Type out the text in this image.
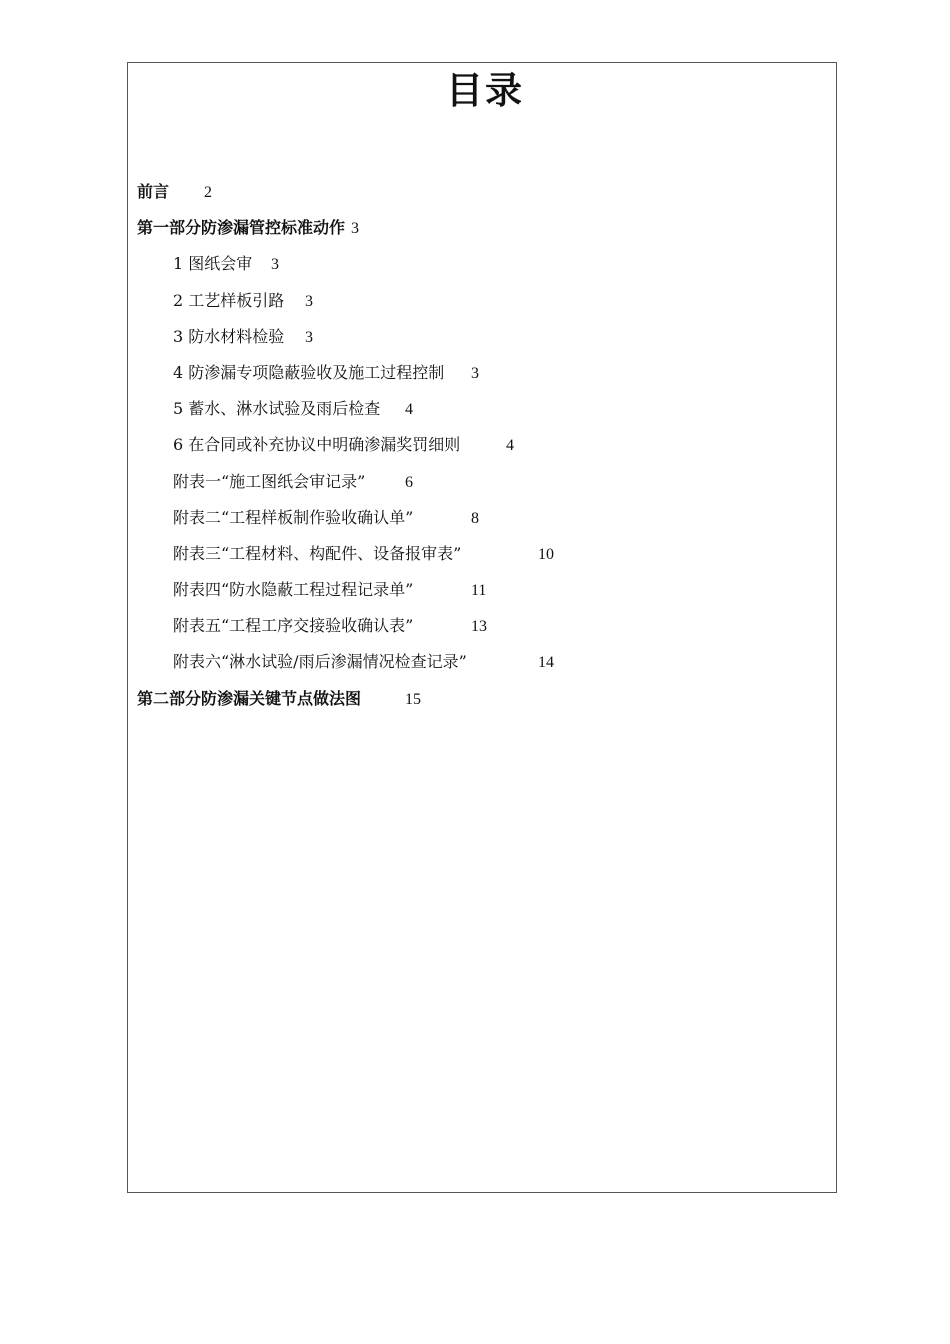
目录
前言 2
第一部分防渗漏管控标准动作 3
1 图纸会审 3
2 工艺样板引路 3
3 防水材料检验 3
4 防渗漏专项隐蔽验收及施工过程控制 3
5 蓄水、淋水试验及雨后检查 4
6 在合同或补充协议中明确渗漏奖罚细则	4
附表一“施工图纸会审记录” 6
附表二“工程样板制作验收确认单”	8
附表三“工程材料、构配件、设备报审表”	10
附表四“防水隐蔽工程过程记录单”	11
附表五“工程工序交接验收确认表”	13
附表六“淋水试验/雨后渗漏情况检查记录”	14
第二部分防渗漏关键节点做法图	15
